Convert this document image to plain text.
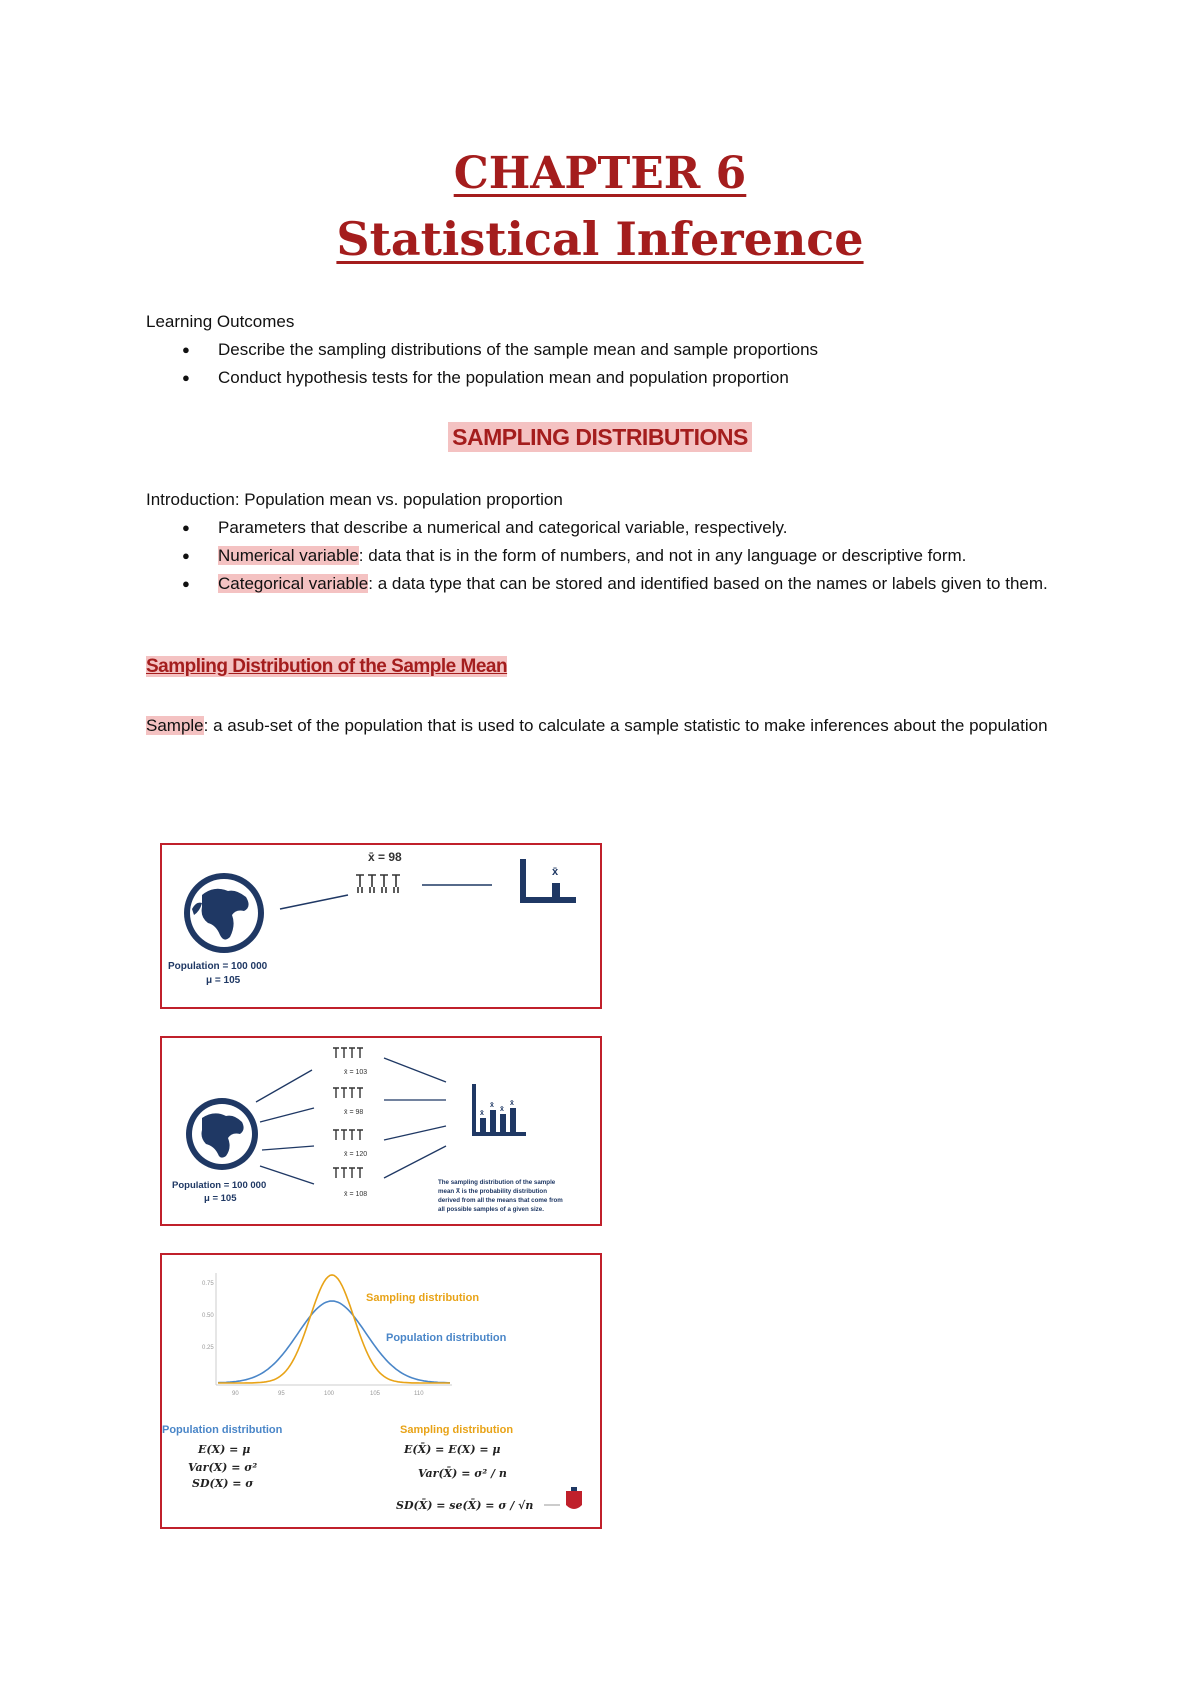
CHAPTER 6
Statistical Inference
Learning Outcomes
● Describe the sampling distributions of the sample mean and sample proportions
● Conduct hypothesis tests for the population mean and population proportion
SAMPLING DISTRIBUTIONS
Introduction: Population mean vs. population proportion
● Parameters that describe a numerical and categorical variable, respectively.
● Numerical variable: data that is in the form of numbers, and not in any language or descriptive form.
● Categorical variable: a data type that can be stored and identified based on the names or labels given to them.
Sampling Distribution of the Sample Mean
Sample: a asub-set of the population that is used to calculate a sample statistic to make inferences about the population
Population = 100 000
μ = 105
x̄ = 98
x̄
Population = 100 000
μ = 105
x̄ = 103
x̄ = 98
x̄ = 120
x̄ = 108
x̄
x̄
x̄
x̄
The sampling distribution of the sample
mean X̄ is the probability distribution
derived from all the means that come from
all possible samples of a given size.
0.75
0.50
0.25
90	95	100	105	110
Sampling distribution
Population distribution
Population distribution
E(X) = μ
Var(X) = σ²
SD(X) = σ
Sampling distribution
E(X̄) = E(X) = μ
Var(X̄) = σ² / n
SD(X̄) = se(X̄) = σ / √n
